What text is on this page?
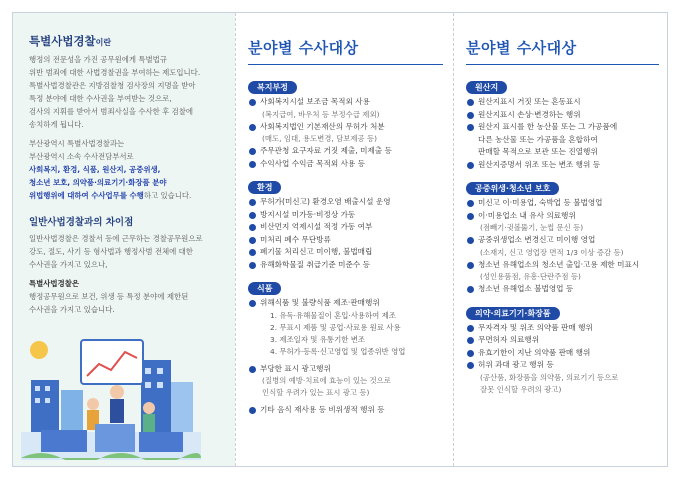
특별사법경찰이란

행정의 전문성을 가진 공무원에게 특별법규
위반 범죄에 대한 사법경찰권을 부여하는 제도입니다.
특별사법경찰관은 지방검찰청 검사장의 지명을 받아
특정 분야에 대한 수사권을 부여받는 것으로,
검사의 지휘를 받아서 범죄사실을 수사한 후 검찰에
송치하게 됩니다.

부산광역시 특별사법경찰과는
부산광역시 소속 수사전담부서로
사회복지, 환경, 식품, 원산지, 공중위생,
청소년 보호, 의약품·의료기기·화장품 분야
위법행위에 대하여 수사업무를 수행하고 있습니다.

일반사법경찰과의 차이점

일반사법경찰은 경찰서 등에 근무하는 경찰공무원으로
강도, 절도, 사기 등 형사법과 행정사범 전체에 대한
수사권을 가지고 있으나,

특별사법경찰은
행정공무원으로 보건, 위생 등 특정 분야에 제한된
수사권을 가지고 있습니다.

분야별 수사대상
복지부정
사회복지시설 보조금 목적외 사용
(복지급여, 바우처 등 부정수급 제외)
사회복지법인 기본재산의 무허가 처분
(매도, 임대, 용도변경, 담보제공 등)
주무관청 요구자료 거짓 제출, 미제출 등
수익사업 수익금 목적외 사용 등
환경
무허가(미신고) 환경오염 배출시설 운영
방지시설 미가동·비정상 가동
비산먼지 억제시설 적정 가동 여부
미처리 폐수 무단방류
폐기물 처리신고 미이행, 불법매립
유해화학물질 취급기준 미준수 등
식품
위해식품 및 불량식품 제조·판매행위
1. 유독·유해물질이 혼입·사용하여 제조
2. 무표시 제품 및 공업·사료용 원료 사용
3. 제조일자 및 유통기한 변조
4. 무허가·등록·신고영업 및 업종위반 영업
부당한 표시 광고행위
(질병의 예방·치료에 효능이 있는 것으로
인식할 우려가 있는 표시 광고 등)
기타 음식 재사용 등 비위생적 행위 등
분야별 수사대상
원산지
원산지표시 거짓 또는 혼동표시
원산지표시 손상·변경하는 행위
원산지 표시를 한 농산물 또는 그 가공품에
다른 농산물 또는 가공품을 혼합하여
판매할 목적으로 보관 또는 진열행위
원산지증명서 위조 또는 변조 행위 등
공중위생·청소년 보호
미신고 이·미용업, 숙박업 등 불법영업
이·미용업소 내 유사 의료행위
(점빼기·귓볼뚫기, 눈썹 문신 등)
공중위생업소 변경신고 미이행 영업
(소재지, 신고 영업장 면적 1/3 이상 증감 등)
청소년 유해업소의 청소년 출입·고용 제한 미표시
(성인용품점, 유흥·단란주점 등)
청소년 유해업소 불법영업 등
의약·의료기기·화장품
무자격자 및 위조 의약품 판매 행위
무면허자 의료행위
유효기한이 지난 의약품 판매 행위
허위 과대 광고 행위 등
(공산품, 화장품을 의약품, 의료기기 등으로
잘못 인식할 우려의 광고)
